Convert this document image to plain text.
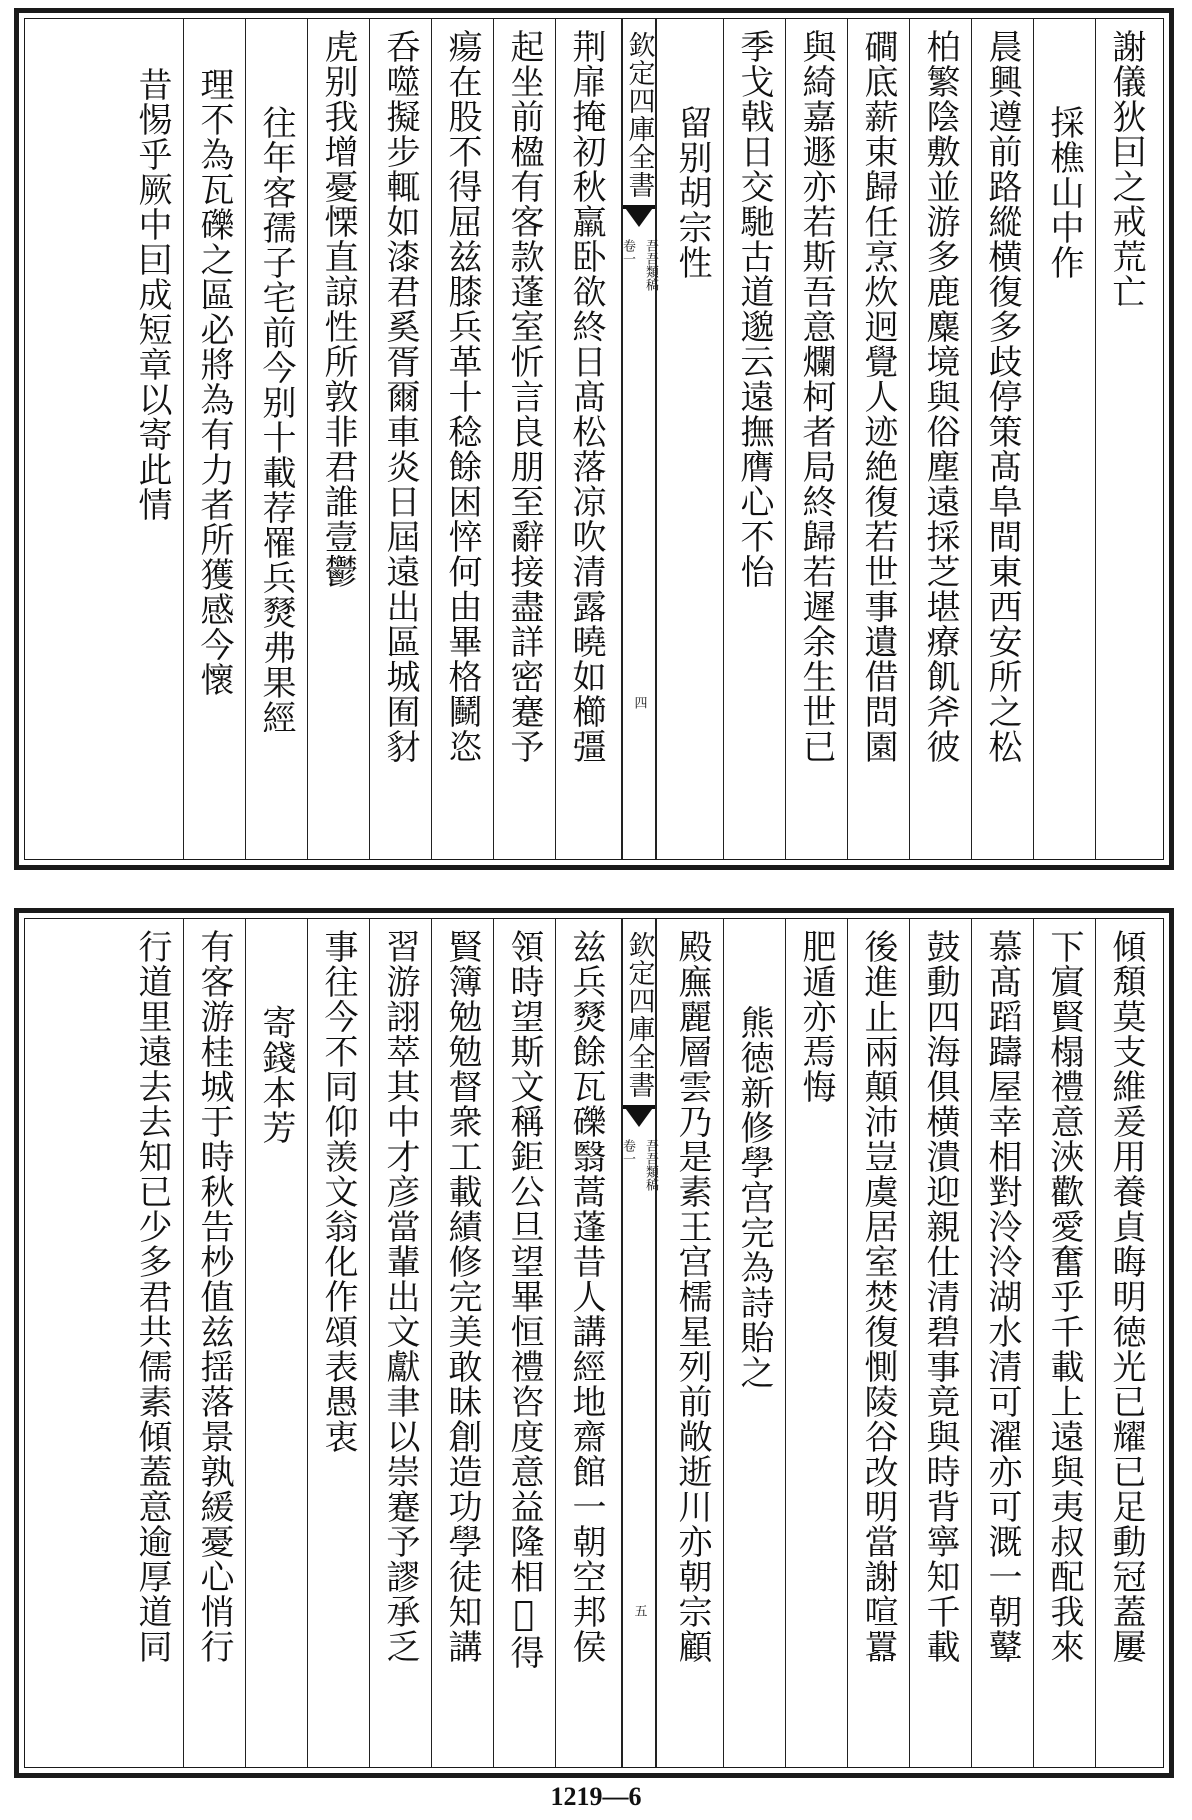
謝儀狄囙之戒荒亡
採樵山中作
晨興遵前路縱横復多歧停策髙阜間東西安所之松
柏繁陰敷並游多鹿麋境與俗塵遠採芝堪療飢斧彼
磵底薪束歸任烹炊迥覺人迹絶復若世事遺借問園
與綺嘉遯亦若斯吾意爛柯者局終歸若遲余生世已
季戈戟日交馳古道邈云遠撫膺心不怡
留别胡宗性
欽定四庫全書
吾吾類稿
卷一
四
荆扉掩初秋羸卧欲終日髙松落凉吹清露曉如櫛彊
起坐前楹有客款蓬室忻言良朋至辭接盡詳密蹇予
瘍在股不得屈兹膝兵革十稔餘困悴何由畢格鬭恣
呑噬擬步輒如漆君奚胥爾車炎日屆遠出區城囿豺
虎别我增憂慄直諒性所敦非君誰壹鬱
往年客孺子宅前今别十載荐罹兵燹弗果經
理不為瓦礫之區必將為有力者所獲感今懷
昔惕乎厥中囙成短章以寄此情
傾頽莫支維爰用養貞晦明徳光已耀已足動冠蓋屢
下賔賢榻禮意浹歡愛奮乎千載上遠與夷叔配我來
慕髙蹈躊屋幸相對泠泠湖水清可濯亦可溉一朝鼙
鼓動四海俱横潰迎親仕清碧事竟與時背寧知千載
後進止兩顛沛豈虞居室焚復惻陵谷改明當謝喧囂
肥遁亦焉悔
熊徳新修學宫完為詩貽之
殿廡麗層雲乃是素王宫檽星列前敞逝川亦朝宗顧
欽定四庫全書
吾吾類稿
卷一
五
兹兵燹餘瓦礫翳蒿蓬昔人講經地齋館一朝空邦侯
領時望斯文稱鉅公旦望畢恒禮咨度意益隆相𥟰得
賢簿勉勉督衆工載績修完美敢昧創造功學徒知講
習游詡萃其中才彦當輩出文獻聿以崇蹇予謬承乏
事往今不同仰羡文翁化作頌表愚衷
寄錢本芳
有客游桂城于時秋告杪值兹揺落景孰緩憂心悄行
行道里遠去去知已少多君共儒素傾蓋意逾厚道同
1219—6
